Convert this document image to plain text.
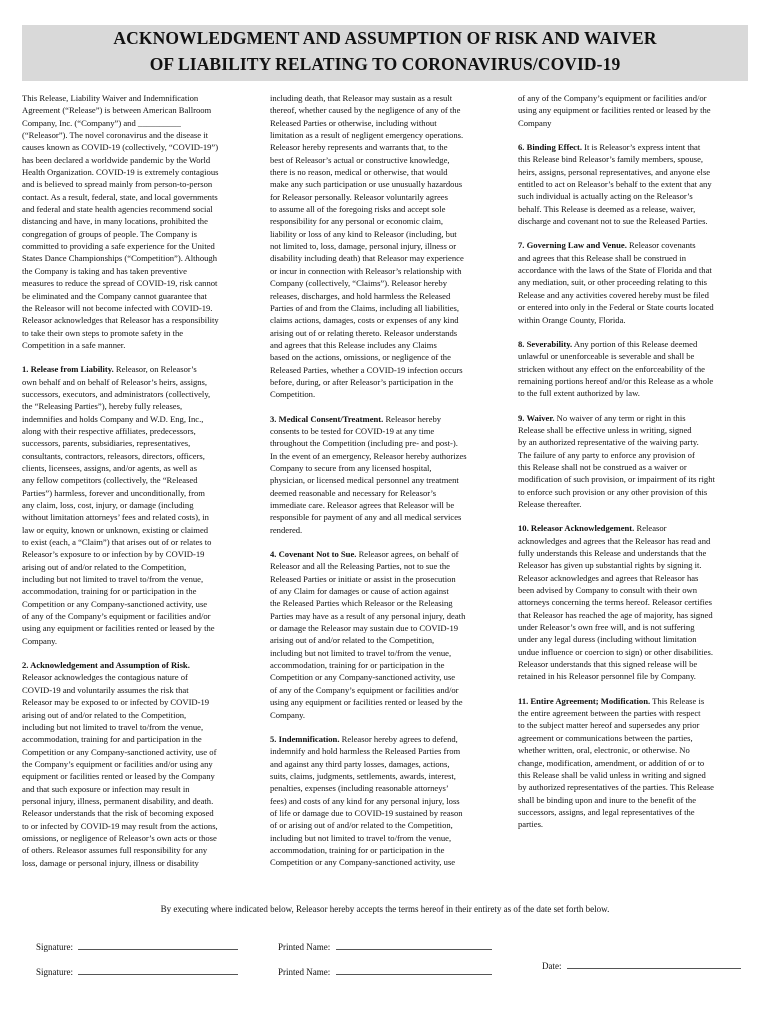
ACKNOWLEDGMENT AND ASSUMPTION OF RISK AND WAIVER
OF LIABILITY RELATING TO CORONAVIRUS/COVID-19
This Release, Liability Waiver and Indemnification
Agreement (“Release”) is between American Ballroom
Company, Inc. (“Company”) and __________
(“Releasor”). The novel coronavirus and the disease it
causes known as COVID-19 (collectively, “COVID-19”)
has been declared a worldwide pandemic by the World
Health Organization. COVID-19 is extremely contagious
and is believed to spread mainly from person-to-person
contact. As a result, federal, state, and local governments
and federal and state health agencies recommend social
distancing and have, in many locations, prohibited the
congregation of groups of people. The Company is
committed to providing a safe experience for the United
States Dance Championships (“Competition”). Although
the Company is taking and has taken preventive
measures to reduce the spread of COVID-19, risk cannot
be eliminated and the Company cannot guarantee that
the Releasor will not become infected with COVID-19.
Releasor acknowledges that Releasor has a responsibility
to take their own steps to promote safety in the
Competition in a safe manner.
1. Release from Liability. Releasor, on Releasor’s
own behalf and on behalf of Releasor’s heirs, assigns,
successors, executors, and administrators (collectively,
the “Releasing Parties”), hereby fully releases,
indemnifies and holds Company and W.D. Eng, Inc.,
along with their respective affiliates, predecessors,
successors, parents, subsidiaries, representatives,
consultants, contractors, releasors, directors, officers,
clients, licensees, assigns, and/or agents, as well as
any fellow competitors (collectively, the “Released
Parties”) harmless, forever and unconditionally, from
any claim, loss, cost, injury, or damage (including
without limitation attorneys’ fees and related costs), in
law or equity, known or unknown, existing or claimed
to exist (each, a “Claim”) that arises out of or relates to
Releasor’s exposure to or infection by by COVID-19
arising out of and/or related to the Competition,
including but not limited to travel to/from the venue,
accommodation, training for or participation in the
Competition or any Company-sanctioned activity, use
of any of the Company’s equipment or facilities and/or
using any equipment or facilities rented or leased by the
Company.
2. Acknowledgement and Assumption of Risk.
Releasor acknowledges the contagious nature of
COVID-19 and voluntarily assumes the risk that
Releasor may be exposed to or infected by COVID-19
arising out of and/or related to the Competition,
including but not limited to travel to/from the venue,
accommodation, training for and participation in the
Competition or any Company-sanctioned activity, use of
the Company’s equipment or facilities and/or using any
equipment or facilities rented or leased by the Company
and that such exposure or infection may result in
personal injury, illness, permanent disability, and death.
Releasor understands that the risk of becoming exposed
to or infected by COVID-19 may result from the actions,
omissions, or negligence of Releasor’s own acts or those
of others. Releasor assumes full responsibility for any
loss, damage or personal injury, illness or disability
including death, that Releasor may sustain as a result
thereof, whether caused by the negligence of any of the
Released Parties or otherwise, including without
limitation as a result of negligent emergency operations.
Releasor hereby represents and warrants that, to the
best of Releasor’s actual or constructive knowledge,
there is no reason, medical or otherwise, that would
make any such participation or use unusually hazardous
for Releasor personally. Releasor voluntarily agrees
to assume all of the foregoing risks and accept sole
responsibility for any personal or economic claim,
liability or loss of any kind to Releasor (including, but
not limited to, loss, damage, personal injury, illness or
disability including death) that Releasor may experience
or incur in connection with Releasor’s relationship with
Company (collectively, “Claims”). Releasor hereby
releases, discharges, and hold harmless the Released
Parties of and from the Claims, including all liabilities,
claims actions, damages, costs or expenses of any kind
arising out of or relating thereto. Releasor understands
and agrees that this Release includes any Claims
based on the actions, omissions, or negligence of the
Released Parties, whether a COVID-19 infection occurs
before, during, or after Releasor’s participation in the
Competition.
3. Medical Consent/Treatment. Releasor hereby
consents to be tested for COVID-19 at any time
throughout the Competition (including pre- and post-).
In the event of an emergency, Releasor hereby authorizes
Company to secure from any licensed hospital,
physician, or licensed medical personnel any treatment
deemed reasonable and necessary for Releasor’s
immediate care. Releasor agrees that Releasor will be
responsible for payment of any and all medical services
rendered.
4. Covenant Not to Sue. Releasor agrees, on behalf of
Releasor and all the Releasing Parties, not to sue the
Released Parties or initiate or assist in the prosecution
of any Claim for damages or cause of action against
the Released Parties which Releasor or the Releasing
Parties may have as a result of any personal injury, death
or damage the Releasor may sustain due to COVID-19
arising out of and/or related to the Competition,
including but not limited to travel to/from the venue,
accommodation, training for or participation in the
Competition or any Company-sanctioned activity, use
of any of the Company’s equipment or facilities and/or
using any equipment or facilities rented or leased by the
Company.
5. Indemnification. Releasor hereby agrees to defend,
indemnify and hold harmless the Released Parties from
and against any third party losses, damages, actions,
suits, claims, judgments, settlements, awards, interest,
penalties, expenses (including reasonable attorneys’
fees) and costs of any kind for any personal injury, loss
of life or damage due to COVID-19 sustained by reason
of or arising out of and/or related to the Competition,
including but not limited to travel to/from the venue,
accommodation, training for or participation in the
Competition or any Company-sanctioned activity, use
of any of the Company’s equipment or facilities and/or
using any equipment or facilities rented or leased by the
Company
6. Binding Effect. It is Releasor’s express intent that
this Release bind Releasor’s family members, spouse,
heirs, assigns, personal representatives, and anyone else
entitled to act on Releasor’s behalf to the extent that any
such individual is actually acting on the Releasor’s
behalf. This Release is deemed as a release, waiver,
discharge and covenant not to sue the Released Parties.
7. Governing Law and Venue. Releasor covenants
and agrees that this Release shall be construed in
accordance with the laws of the State of Florida and that
any mediation, suit, or other proceeding relating to this
Release and any activities covered hereby must be filed
or entered into only in the Federal or State courts located
within Orange County, Florida.
8. Severability. Any portion of this Release deemed
unlawful or unenforceable is severable and shall be
stricken without any effect on the enforceability of the
remaining portions hereof and/or this Release as a whole
to the full extent authorized by law.
9. Waiver. No waiver of any term or right in this
Release shall be effective unless in writing, signed
by an authorized representative of the waiving party.
The failure of any party to enforce any provision of
this Release shall not be construed as a waiver or
modification of such provision, or impairment of its right
to enforce such provision or any other provision of this
Release thereafter.
10. Releasor Acknowledgement. Releasor
acknowledges and agrees that the Releasor has read and
fully understands this Release and understands that the
Releasor has given up substantial rights by signing it.
Releasor acknowledges and agrees that Releasor has
been advised by Company to consult with their own
attorneys concerning the terms hereof. Releasor certifies
that Releasor has reached the age of majority, has signed
under Releasor’s own free will, and is not suffering
under any legal duress (including without limitation
undue influence or coercion to sign) or other disabilities.
Releasor understands that this signed release will be
retained in his Releasor personnel file by Company.
11. Entire Agreement; Modification. This Release is
the entire agreement between the parties with respect
to the subject matter hereof and supersedes any prior
agreement or communications between the parties,
whether written, oral, electronic, or otherwise. No
change, modification, amendment, or addition of or to
this Release shall be valid unless in writing and signed
by authorized representatives of the parties. This Release
shall be binding upon and inure to the benefit of the
successors, assigns, and legal representatives of the
parties.
By executing where indicated below, Releasor hereby accepts the terms hereof in their entirety as of the date set forth below.
Signature:	Printed Name:
Date:
Signature:	Printed Name:
